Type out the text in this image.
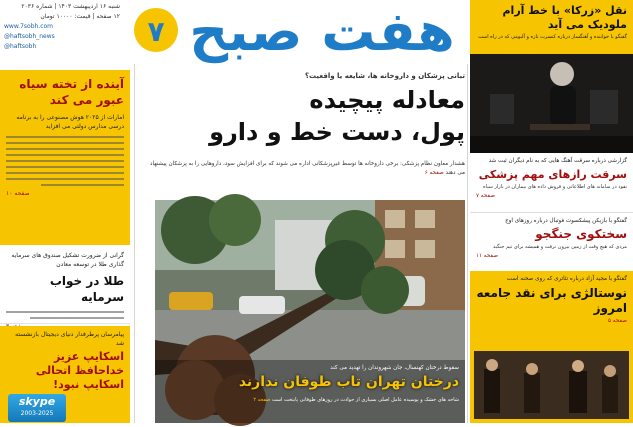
شنبه ۱۶ اردیبهشت ۱۴۰۳ | شماره ۲۰۳۶
۱۲ صفحه | قیمت: ۱۰۰۰۰ تومان
www.7sobh.com
@haftsobh_news
@haftsobh	هفت صبح
۷
نقل «زرکا» با خط آرام ملودیک می آید
گفتگو با خواننده و آهنگساز درباره کنسرت تازه و آلبومی که در راه است
آینده از تخته سیاه عبور می کند
امارات از ۲۰۲۵ هوش مصنوعی را به برنامه درسی مدارس دولتی می افزاید
صفحه ۱۰
گرانی از ضرورت تشکیل صندوق های سرمایه گذاری طلا در توسعه معادن
طلا در خواب سرمایه
پیامرسان پرطرفدار دنیای دیجیتال بازنشسته شد
اسکایپ عزیز خداحافظ اتحالی اسکایپ نبود!
skype
2003-2025
تبانی پزشکان و داروخانه ها، شایعه یا واقعیت؟
معادله پیچیده
پول، دست خط و دارو
هشدار معاون نظام پزشکی: برخی داروخانه ها توسط غیرپزشکانی اداره می شوند که برای افزایش سود، داروهایی را به پزشکان پیشنهاد می دهند صفحه ۶
سقوط درختان کهنسال، جان شهروندان را تهدید می کند
درختان تهران تاب طوفان ندارند
شاخه های خشک و پوسیده عامل اصلی بسیاری از حوادث در روزهای طوفانی پایتخت است صفحه ۲
گزارشی درباره سرقت آهنگ هایی که به نام دیگران ثبت شد
سرقت رازهای مهم پزشکی
نفوذ در سامانه های اطلاعاتی و فروش داده های بیماران در بازار سیاه
صفحه ۷
گفتگو با بازیکن پیشکسوت فوتبال درباره روزهای اوج
سختکوی جنگجو
مردی که هیچ وقت از زمین بیرون نرفت و همیشه برای تیم جنگید
صفحه ۱۱
گفتگو با مجید آزاد درباره تئاتری که روی صحنه است
نوستالژی برای نقد جامعه امروز
صفحه ۵
